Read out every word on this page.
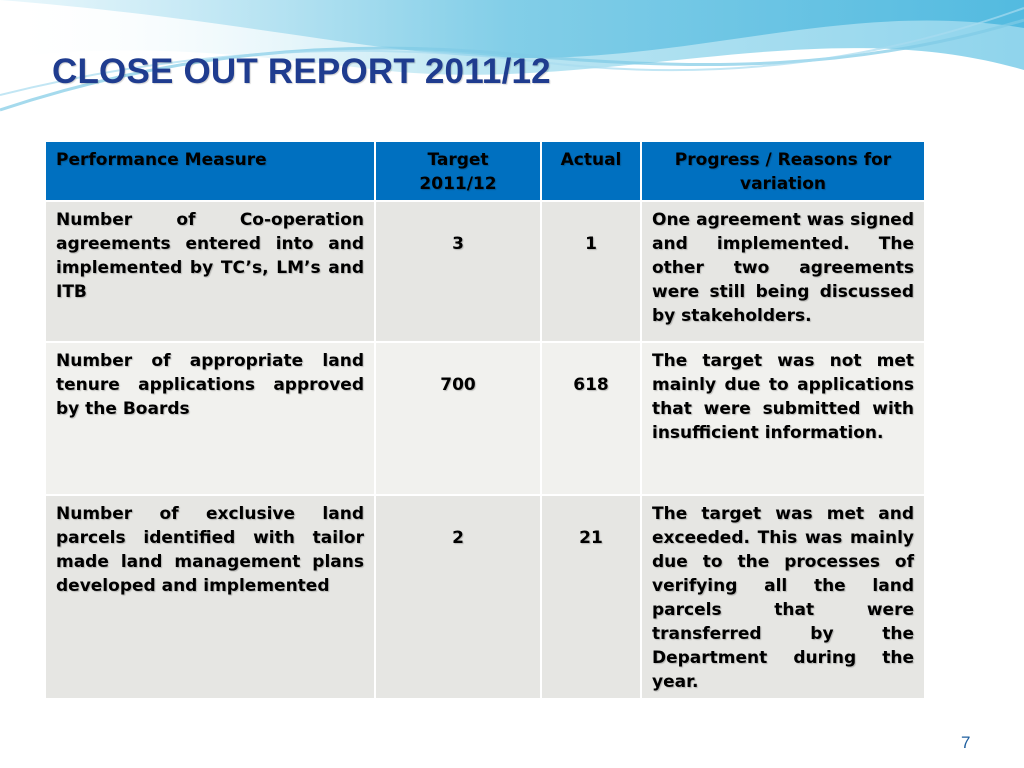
CLOSE OUT REPORT 2011/12
Performance Measure	Target 2011/12	Actual	Progress / Reasons for variation
Number of Co-operation agreements entered into and implemented by TC’s, LM’s and ITB	3	1	One agreement was signed and implemented. The other two agreements were still being discussed by stakeholders.
Number of appropriate land tenure applications approved by the Boards	700	618	The target was not met mainly due to applications that were submitted with insufficient information.
Number of exclusive land parcels identified with tailor made land management plans developed and implemented	2	21	The target was met and exceeded. This was mainly due to the processes of verifying all the land parcels that were transferred by the Department during the year.
7
